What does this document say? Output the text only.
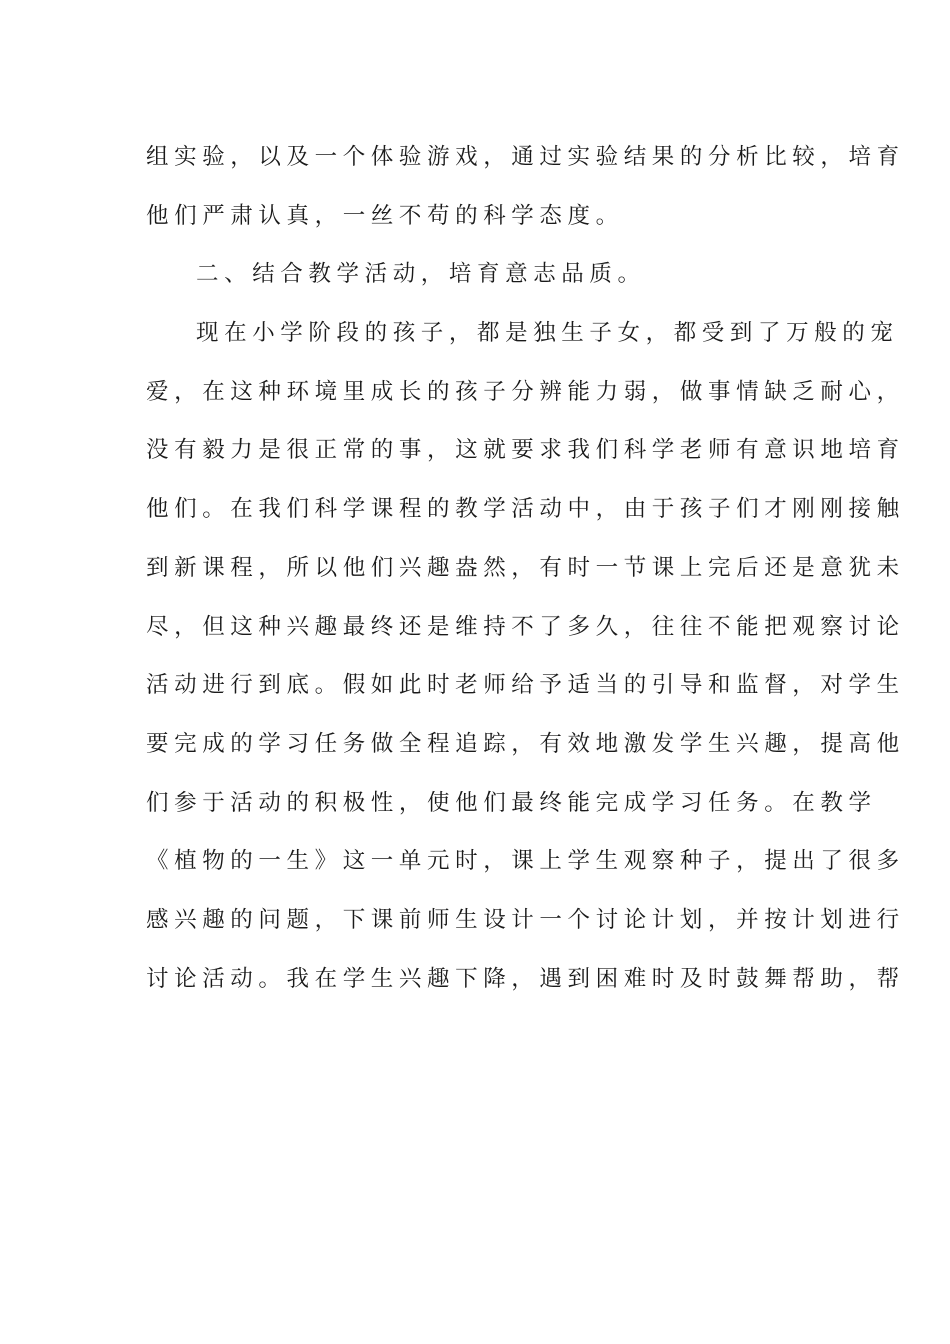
组实验，以及一个体验游戏，通过实验结果的分析比较，培育
他们严肃认真，一丝不苟的科学态度。
二、结合教学活动，培育意志品质。
现在小学阶段的孩子，都是独生子女，都受到了万般的宠
爱，在这种环境里成长的孩子分辨能力弱，做事情缺乏耐心，
没有毅力是很正常的事，这就要求我们科学老师有意识地培育
他们。在我们科学课程的教学活动中，由于孩子们才刚刚接触
到新课程，所以他们兴趣盎然，有时一节课上完后还是意犹未
尽，但这种兴趣最终还是维持不了多久，往往不能把观察讨论
活动进行到底。假如此时老师给予适当的引导和监督，对学生
要完成的学习任务做全程追踪，有效地激发学生兴趣，提高他
们参于活动的积极性，使他们最终能完成学习任务。在教学
《植物的一生》这一单元时，课上学生观察种子，提出了很多
感兴趣的问题，下课前师生设计一个讨论计划，并按计划进行
讨论活动。我在学生兴趣下降，遇到困难时及时鼓舞帮助，帮
